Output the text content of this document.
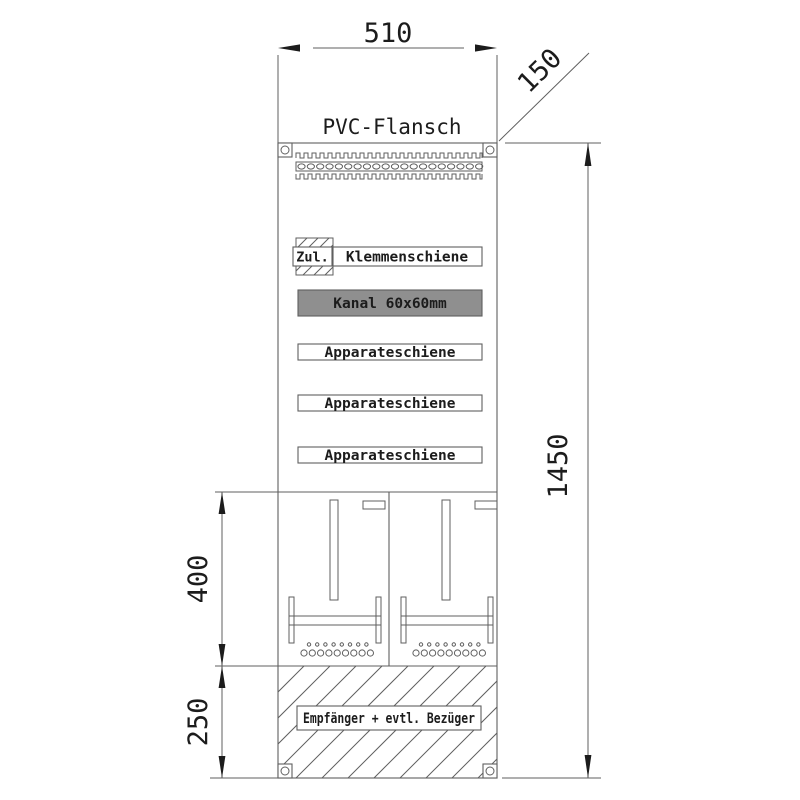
510
150
1450
400
250
PVC-Flansch
Zul. Klemmenschiene
Kanal 60x60mm
Apparateschiene
Apparateschiene
Apparateschiene
Empfänger + evtl. Bezüger
